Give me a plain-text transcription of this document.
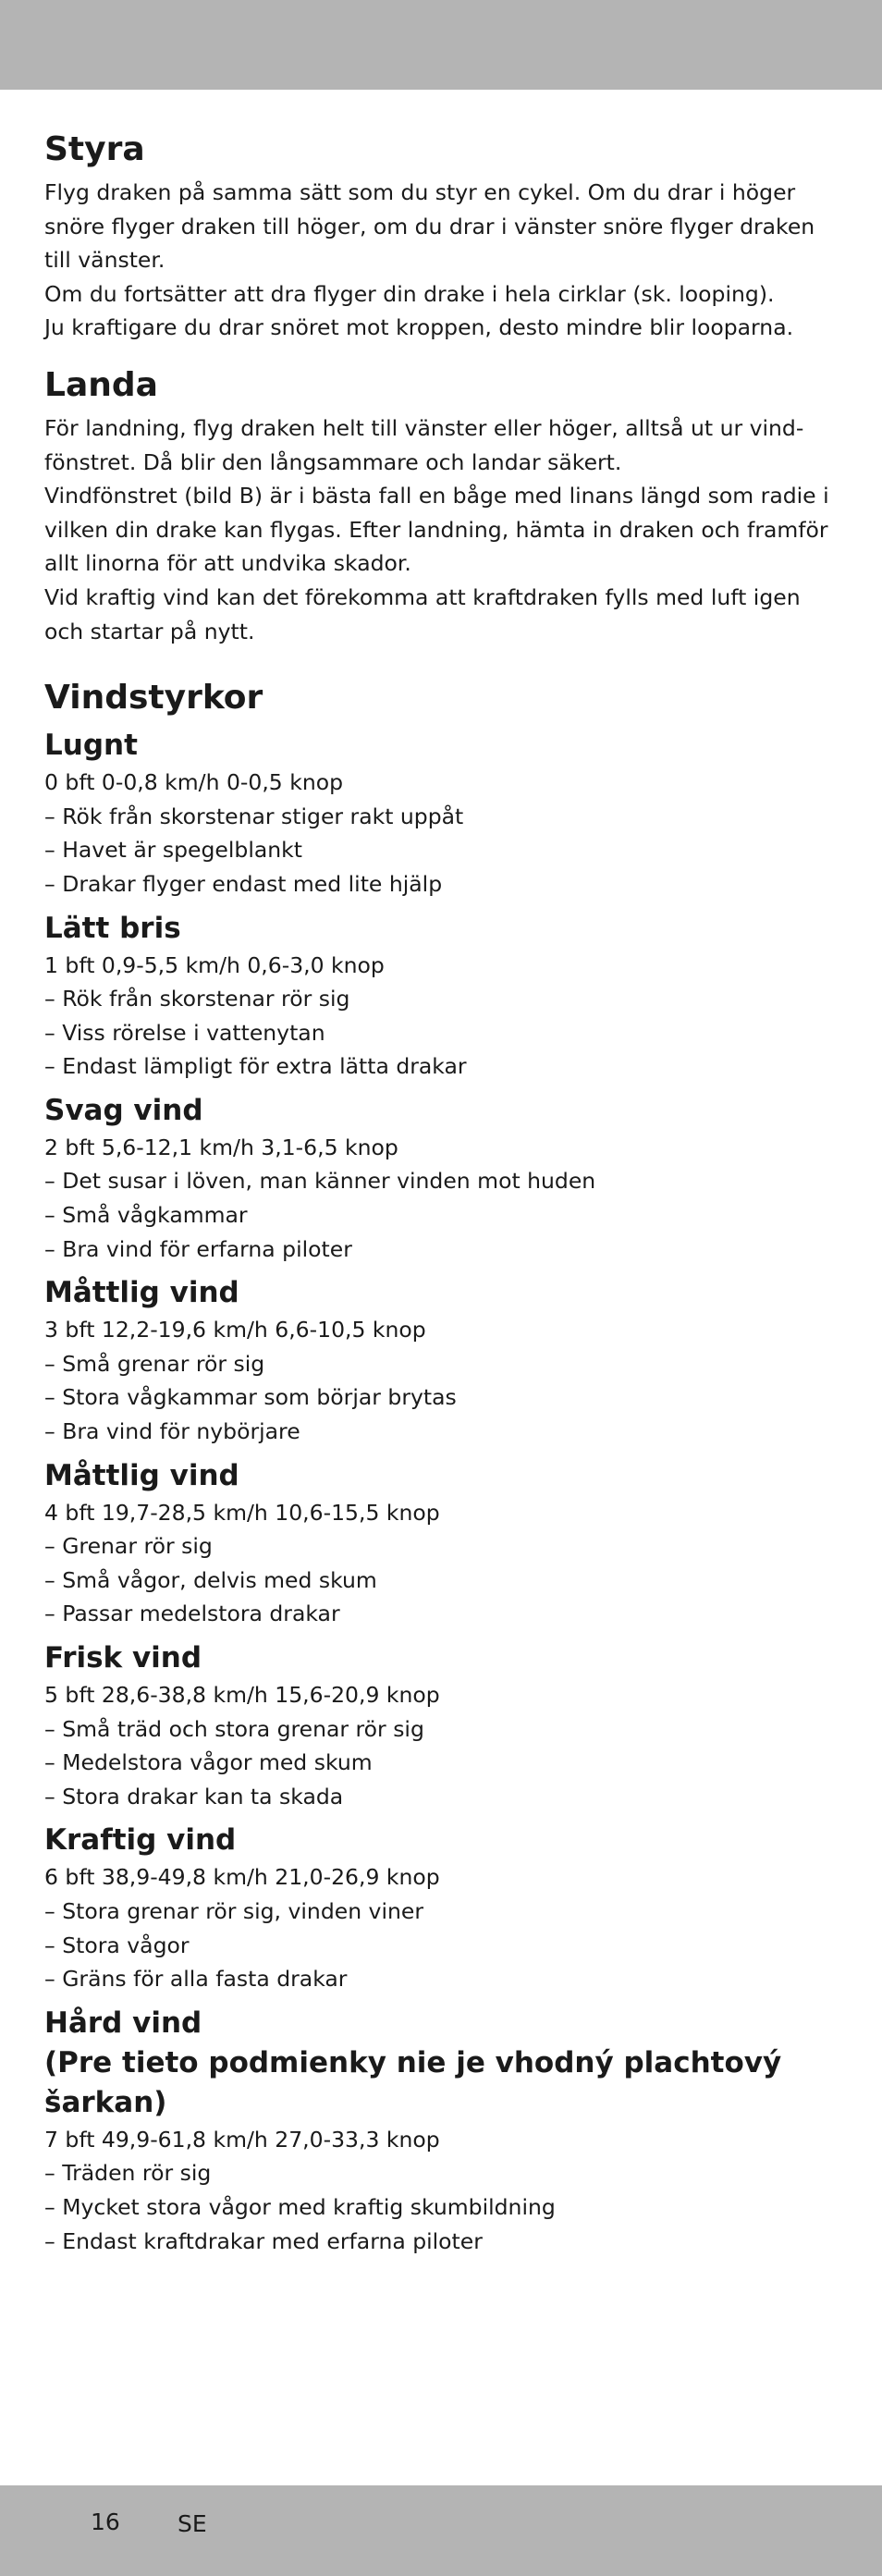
Styra

Flyg draken på samma sätt som du styr en cykel. Om du drar i höger snöre flyger draken till höger, om du drar i vänster snöre flyger draken till vänster.

Om du fortsätter att dra flyger din drake i hela cirklar (sk. looping).

Ju kraftigare du drar snöret mot kroppen, desto mindre blir looparna.

Landa

För landning, flyg draken helt till vänster eller höger, alltså ut ur vind-fönstret. Då blir den långsammare och landar säkert.

Vindfönstret (bild B) är i bästa fall en båge med linans längd som radie i vilken din drake kan flygas. Efter landning, hämta in draken och framför allt linorna för att undvika skador.

Vid kraftig vind kan det förekomma att kraftdraken fylls med luft igen och startar på nytt.

Vindstyrkor
Lugnt
0 bft 0-0,8 km/h 0-0,5 knop
– Rök från skorstenar stiger rakt uppåt
– Havet är spegelblankt
– Drakar flyger endast med lite hjälp
Lätt bris
1 bft 0,9-5,5 km/h 0,6-3,0 knop
– Rök från skorstenar rör sig
– Viss rörelse i vattenytan
– Endast lämpligt för extra lätta drakar
Svag vind
2 bft 5,6-12,1 km/h 3,1-6,5 knop
– Det susar i löven, man känner vinden mot huden
– Små vågkammar
– Bra vind för erfarna piloter
Måttlig vind
3 bft 12,2-19,6 km/h 6,6-10,5 knop
– Små grenar rör sig
– Stora vågkammar som börjar brytas
– Bra vind för nybörjare
Måttlig vind
4 bft 19,7-28,5 km/h 10,6-15,5 knop
– Grenar rör sig
– Små vågor, delvis med skum
– Passar medelstora drakar
Frisk vind
5 bft 28,6-38,8 km/h 15,6-20,9 knop
– Små träd och stora grenar rör sig
– Medelstora vågor med skum
– Stora drakar kan ta skada
Kraftig vind
6 bft 38,9-49,8 km/h 21,0-26,9 knop
– Stora grenar rör sig, vinden viner
– Stora vågor
– Gräns för alla fasta drakar
Hård vind
(Pre tieto podmienky nie je vhodný plachtový šarkan)
7 bft 49,9-61,8 km/h 27,0-33,3 knop
– Träden rör sig
– Mycket stora vågor med kraftig skumbildning
– Endast kraftdrakar med erfarna piloter
16 SE
